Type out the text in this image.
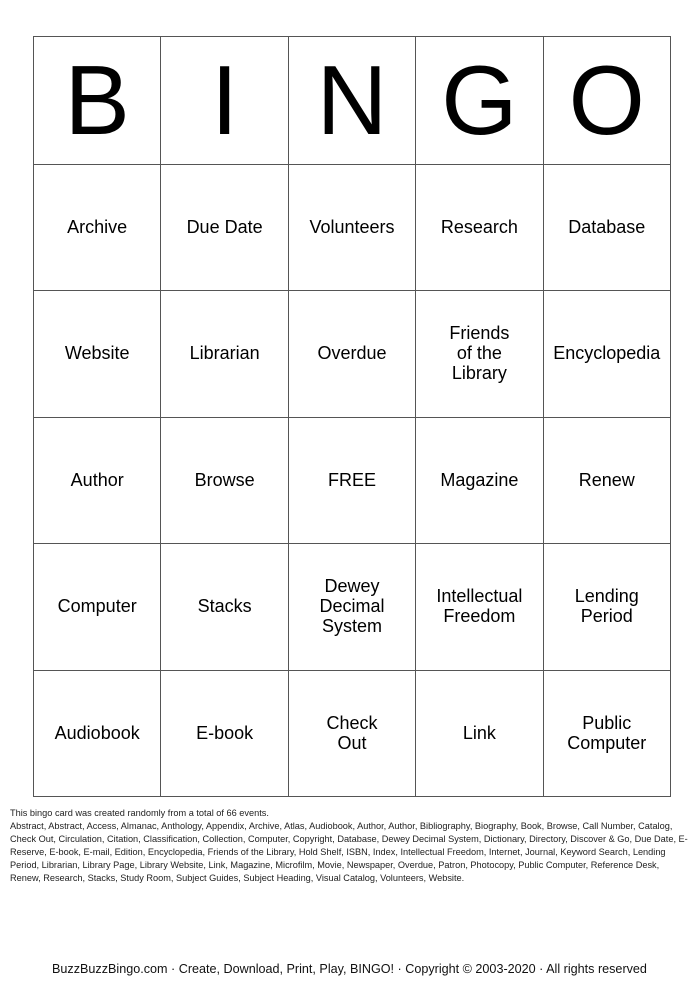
B	I	N	G	O
Archive	Due Date	Volunteers	Research	Database
Website	Librarian	Overdue	Friends of the Library	Encyclopedia
Author	Browse	FREE	Magazine	Renew
Computer	Stacks	Dewey Decimal System	Intellectual Freedom	Lending Period
Audiobook	E-book	Check Out	Link	Public Computer
This bingo card was created randomly from a total of 66 events.
Abstract, Abstract, Access, Almanac, Anthology, Appendix, Archive, Atlas, Audiobook, Author, Author, Bibliography, Biography, Book, Browse, Call Number, Catalog, Check Out, Circulation, Citation, Classification, Collection, Computer, Copyright, Database, Dewey Decimal System, Dictionary, Directory, Discover & Go, Due Date, E-Reserve, E-book, E-mail, Edition, Encyclopedia, Friends of the Library, Hold Shelf, ISBN, Index, Intellectual Freedom, Internet, Journal, Keyword Search, Lending Period, Librarian, Library Page, Library Website, Link, Magazine, Microfilm, Movie, Newspaper, Overdue, Patron, Photocopy, Public Computer, Reference Desk, Renew, Research, Stacks, Study Room, Subject Guides, Subject Heading, Visual Catalog, Volunteers, Website.
BuzzBuzzBingo.com · Create, Download, Print, Play, BINGO! · Copyright © 2003-2020 · All rights reserved
